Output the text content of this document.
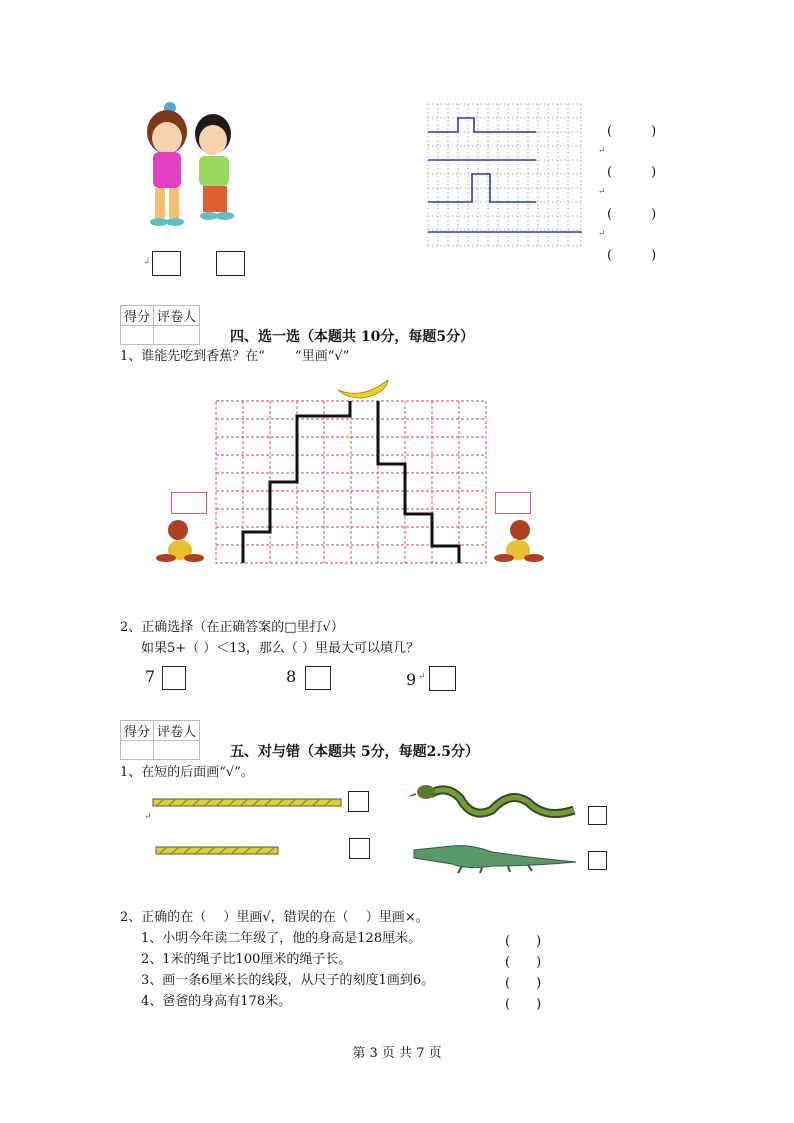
↲
(　　　)
↵
(　　　)
↵
(　　　)
↵
(　　　)
得分	评卷人

四、选一选（本题共 10分，每题5分）
1、谁能先吃到香蕉？在“　　 ”里画“√”
2、正确选择（在正确答案的□里打√）
如果5+（ ）＜13，那么（ ）里最大可以填几？
7	8	9 ↵
得分	评卷人

五、对与错（本题共 5分，每题2.5分）
1、在短的后面画“√”。
↵
2、正确的在（　 ）里画√，错误的在（　 ）里画×。
1、小明今年读二年级了，他的身高是128厘米。	(　　)
2、1米的绳子比100厘米的绳子长。	(　　)
3、画一条6厘米长的线段，从尺子的刻度1画到6。	(　　)
4、爸爸的身高有178米。	(　　)
第 3 页 共 7 页
